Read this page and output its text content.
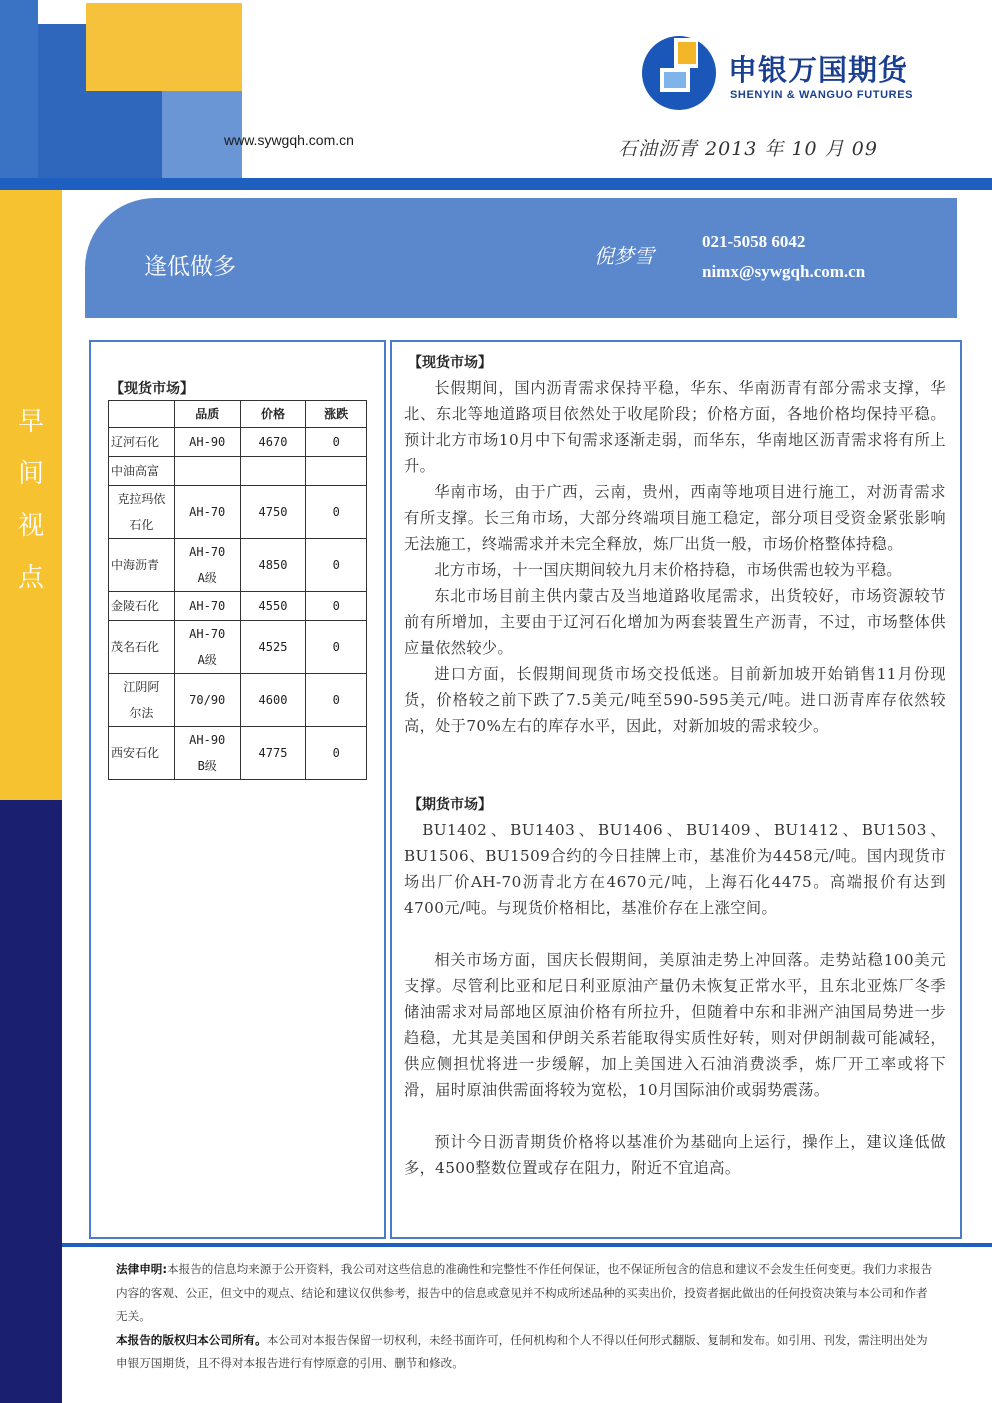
申银万国期货
SHENYIN & WANGUO FUTURES
www.sywgqh.com.cn	石油沥青 2013 年 10 月 09
早
间
视
点
逢低做多	倪梦雪
021-5058 6042
nimx@sywgqh.com.cn
【现货市场】
	品质	价格	涨跌
辽河石化	AH-90	4670	0
中油高富			
克拉玛依石化	AH-70	4750	0
中海沥青	AH-70 A级	4850	0
金陵石化	AH-70	4550	0
茂名石化	AH-70 A级	4525	0
江阴阿尔法	70/90	4600	0
西安石化	AH-90 B级	4775	0
【现货市场】

长假期间，国内沥青需求保持平稳，华东、华南沥青有部分需求支撑，华北、东北等地道路项目依然处于收尾阶段；价格方面，各地价格均保持平稳。预计北方市场10月中下旬需求逐渐走弱，而华东，华南地区沥青需求将有所上升。

华南市场，由于广西，云南，贵州，西南等地项目进行施工，对沥青需求有所支撑。长三角市场，大部分终端项目施工稳定，部分项目受资金紧张影响无法施工，终端需求并未完全释放，炼厂出货一般，市场价格整体持稳。

北方市场，十一国庆期间较九月末价格持稳，市场供需也较为平稳。

东北市场目前主供内蒙古及当地道路收尾需求，出货较好，市场资源较节前有所增加，主要由于辽河石化增加为两套装置生产沥青，不过，市场整体供应量依然较少。

进口方面，长假期间现货市场交投低迷。目前新加坡开始销售11月份现货，价格较之前下跌了7.5美元/吨至590-595美元/吨。进口沥青库存依然较高，处于70%左右的库存水平，因此，对新加坡的需求较少。

【期货市场】

BU1402、BU1403、BU1406、BU1409、BU1412、BU1503、BU1506、BU1509合约的今日挂牌上市，基准价为4458元/吨。国内现货市场出厂价AH-70沥青北方在4670元/吨，上海石化4475。高端报价有达到4700元/吨。与现货价格相比，基准价存在上涨空间。

相关市场方面，国庆长假期间，美原油走势上冲回落。走势站稳100美元支撑。尽管利比亚和尼日利亚原油产量仍未恢复正常水平，且东北亚炼厂冬季储油需求对局部地区原油价格有所拉升，但随着中东和非洲产油国局势进一步趋稳，尤其是美国和伊朗关系若能取得实质性好转，则对伊朗制裁可能减轻，供应侧担忧将进一步缓解，加上美国进入石油消费淡季，炼厂开工率或将下滑，届时原油供需面将较为宽松，10月国际油价或弱势震荡。

预计今日沥青期货价格将以基准价为基础向上运行，操作上，建议逢低做多，4500整数位置或存在阻力，附近不宜追高。

法律申明:本报告的信息均来源于公开资料，我公司对这些信息的准确性和完整性不作任何保证，也不保证所包含的信息和建议不会发生任何变更。我们力求报告内容的客观、公正，但文中的观点、结论和建议仅供参考，报告中的信息或意见并不构成所述品种的买卖出价，投资者据此做出的任何投资决策与本公司和作者无关。

本报告的版权归本公司所有。本公司对本报告保留一切权利，未经书面许可，任何机构和个人不得以任何形式翻版、复制和发布。如引用、刊发，需注明出处为申银万国期货，且不得对本报告进行有悖原意的引用、删节和修改。
